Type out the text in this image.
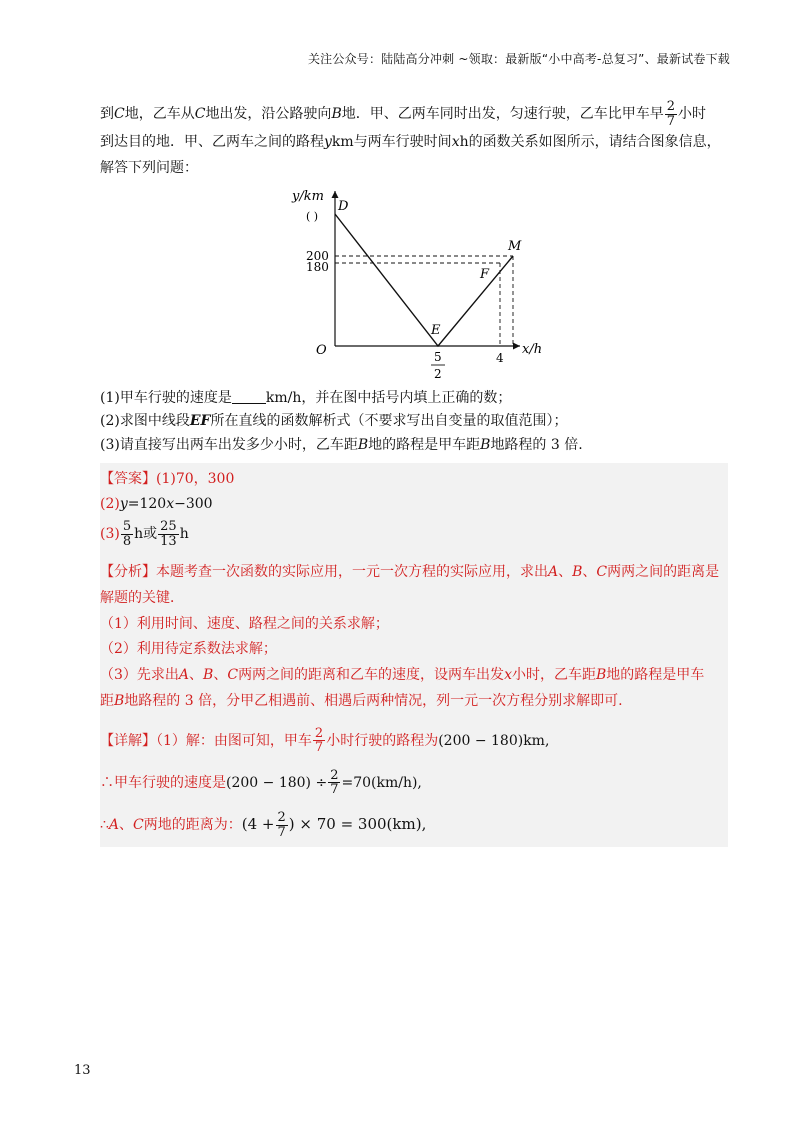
关注公众号：陆陆高分冲刺 ~领取：最新版“小中高考-总复习”、最新试卷下载

到C地，乙车从C地出发，沿公路驶向B地．甲、乙两车同时出发，匀速行驶，乙车比甲车早 $\frac{2}{7}$ 小时

到达目的地．甲、乙两车之间的路程ykm与两车行驶时间xh的函数关系如图所示，请结合图象信息，

解答下列问题：

y/km
( )
D
200
180
M
F
E
O	4
x/h
5
2

(1)甲车行驶的速度是 km/h，并在图中括号内填上正确的数；

(2)求图中线段EF所在直线的函数解析式（不要求写出自变量的取值范围）；

(3)请直接写出两车出发多少小时，乙车距B地的路程是甲车距B地路程的 3 倍.

【答案】(1)70，300
(2)y=120x−300
$(3) \frac{5}{8}$ h或 $\frac{25}{13}$ h
【分析】本题考查一次函数的实际应用，一元一次方程的实际应用，求出A、B、C两两之间的距离是
解题的关键．
（1）利用时间、速度、路程之间的关系求解；
（2）利用待定系数法求解；
（3）先求出A、B、C两两之间的距离和乙车的速度，设两车出发x小时，乙车距B地的路程是甲车
距B地路程的 3 倍，分甲乙相遇前、相遇后两种情况，列一元一次方程分别求解即可.
【详解】（1）解：由图可知，甲车 $\frac{2}{7}$ 小时行驶的路程为(200 − 180)km,
∴甲车行驶的速度是$(200 - 180) \div \frac{2}{7} =70(km/h)$,
∴A、C两地的距离为：($4 + \frac{2}{7}$ ) × 70 = 300(km),
13
